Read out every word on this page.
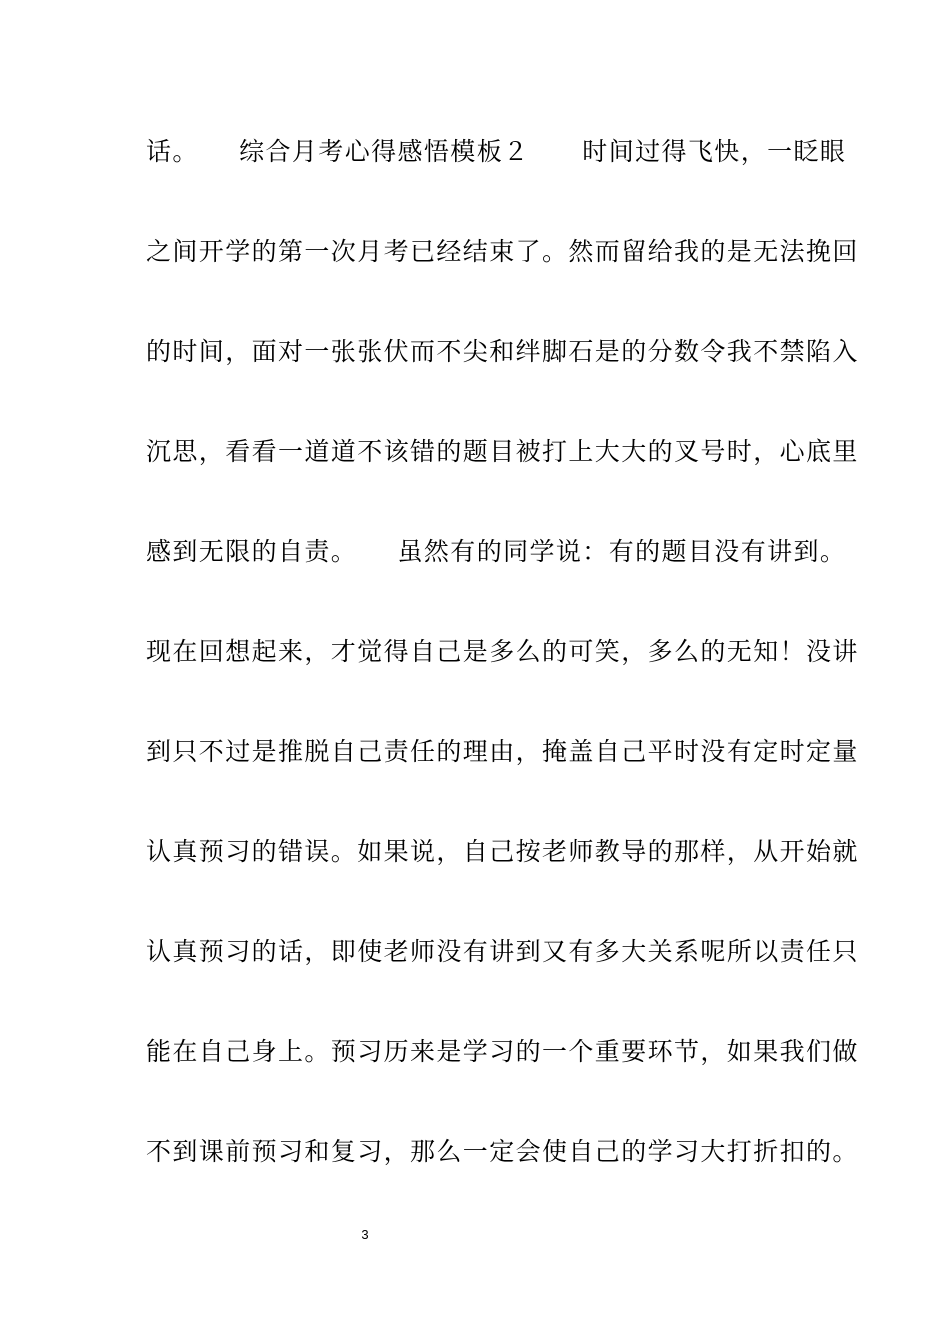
话。　　综合月考心得感悟模板２　　时间过得飞快，一眨眼
之间开学的第一次月考已经结束了。然而留给我的是无法挽回
的时间，面对一张张伏而不尖和绊脚石是的分数令我不禁陷入
沉思，看看一道道不该错的题目被打上大大的叉号时，心底里
感到无限的自责。　　虽然有的同学说：有的题目没有讲到。
现在回想起来，才觉得自己是多么的可笑，多么的无知！没讲
到只不过是推脱自己责任的理由，掩盖自己平时没有定时定量
认真预习的错误。如果说，自己按老师教导的那样，从开始就
认真预习的话，即使老师没有讲到又有多大关系呢所以责任只
能在自己身上。预习历来是学习的一个重要环节，如果我们做
不到课前预习和复习，那么一定会使自己的学习大打折扣的。
3
